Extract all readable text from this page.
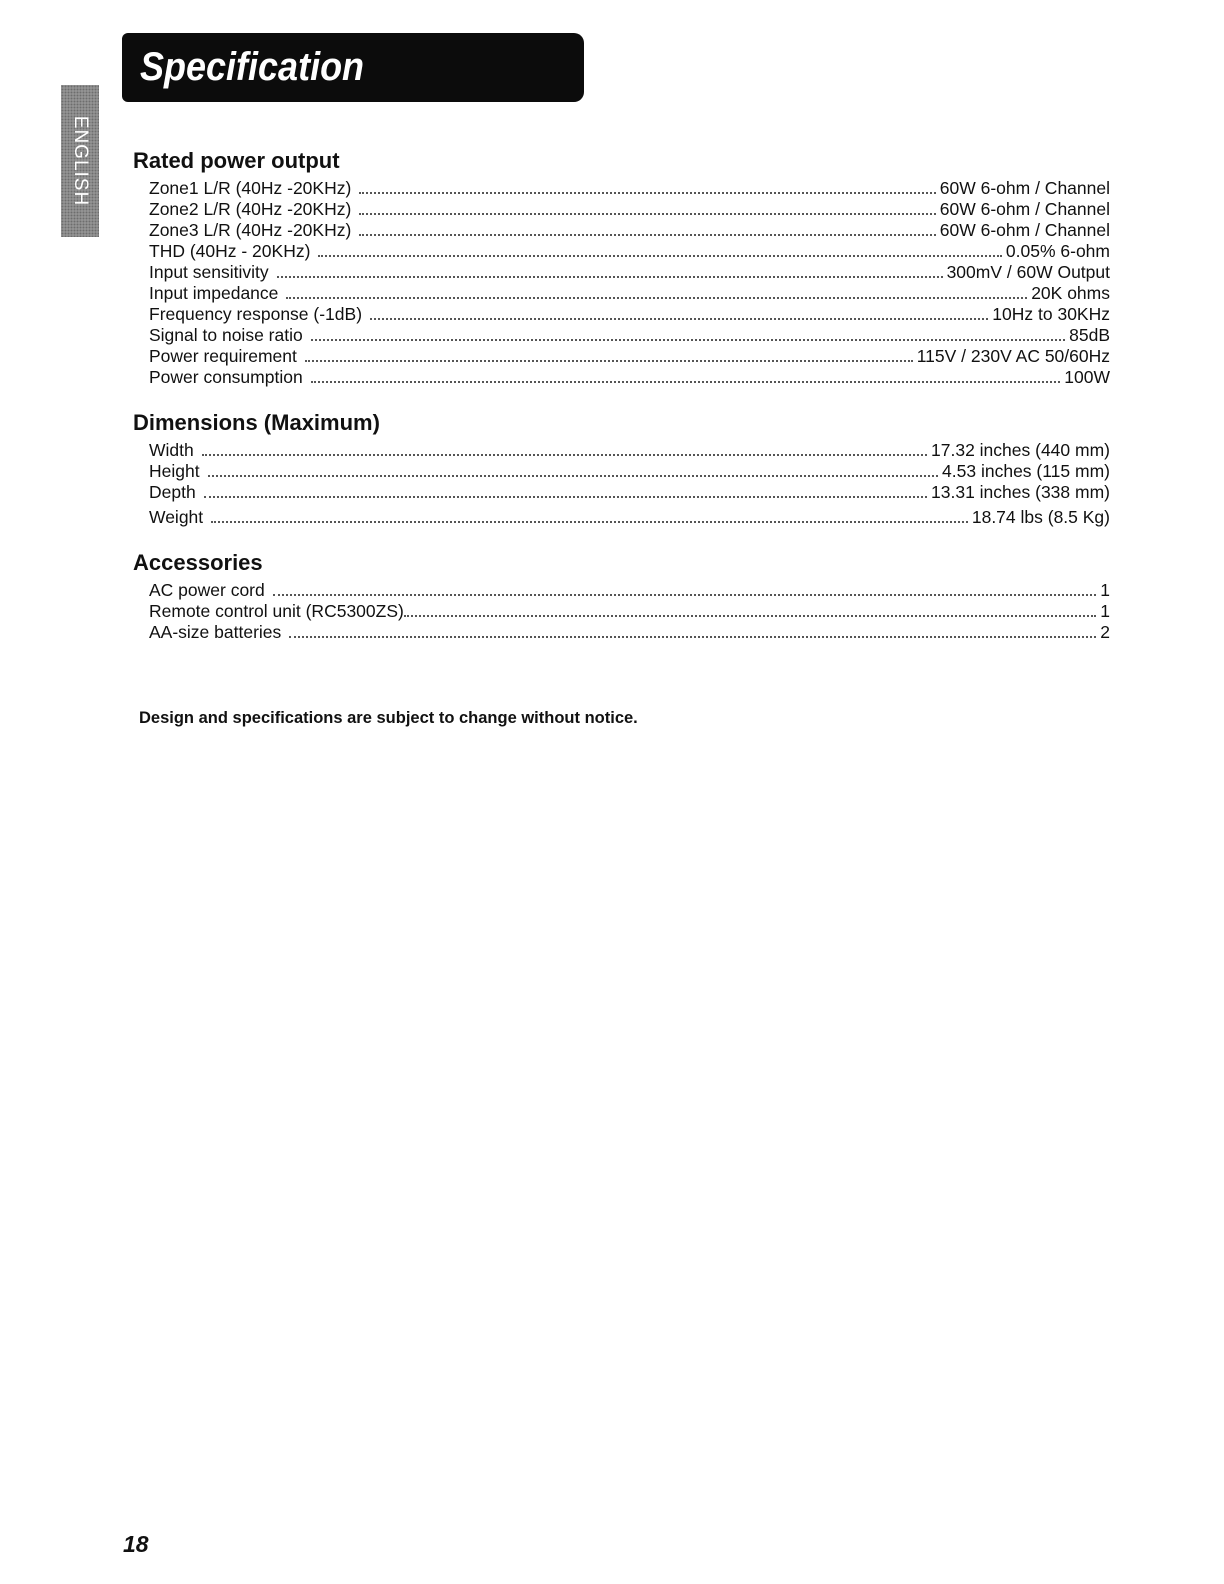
Specification
ENGLISH Rated power output
Zone1 L/R (40Hz -20KHz)	60W 6-ohm / Channel
Zone2 L/R (40Hz -20KHz)	60W 6-ohm / Channel
Zone3 L/R (40Hz -20KHz)	60W 6-ohm / Channel
THD (40Hz - 20KHz)	0.05% 6-ohm
Input sensitivity	300mV / 60W Output
Input impedance	20K ohms
Frequency response (-1dB)	10Hz to 30KHz
Signal to noise ratio	85dB
Power requirement	115V / 230V AC 50/60Hz
Power consumption	100W
Dimensions (Maximum)
Width	17.32 inches (440 mm)
Height	4.53 inches (115 mm)
Depth	13.31 inches (338 mm)
Weight	18.74 lbs (8.5 Kg)
Accessories
AC power cord	1
Remote control unit (RC5300ZS)	1
AA-size batteries	2
Design and specifications are subject to change without notice.
18
